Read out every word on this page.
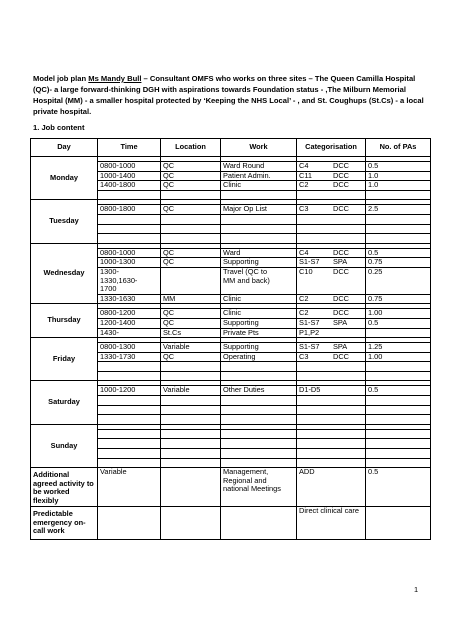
Model job plan Ms Mandy Bull – Consultant OMFS who works on three sites – The Queen Camilla Hospital (QC)- a large forward-thinking DGH with aspirations towards Foundation status - ,The Milburn Memorial Hospital (MM) - a smaller hospital protected by ‘Keeping the NHS Local’ - , and St. Coughups (St.Cs) - a local private hospital.
1. Job content
Day	Time	Location	Work	Categorisation	No. of PAs
Monday					
	0800-1000	QC	Ward Round	C4 DCC	0.5
	1000-1400	QC	Patient Admin.	C11 DCC	1.0
	1400-1800	QC	Clinic	C2 DCC	1.0

Tuesday					
	0800-1800	QC	Major Op List	C3 DCC	2.5

Wednesday					
	0800-1000	QC	Ward	C4 DCC	0.5
	1000-1300	QC	Supporting	S1-S7 SPA	0.75
	1300-
1330,1630-
1700		Travel (QC to
MM and back)	C10 DCC	0.25
	1330-1630	MM	Clinic	C2 DCC	0.75
Thursday					
	0800-1200	QC	Clinic	C2 DCC	1.00
	1200-1400	QC	Supporting	S1-S7 SPA	0.5
	1430-	St.Cs	Private Pts	P1,P2	

Friday					
	0800-1300	Variable	Supporting	S1-S7 SPA	1.25
	1330-1730	QC	Operating	C3 DCC	1.00

Saturday					
	1000-1200	Variable	Other Duties	D1-D5	0.5

Sunday					

Additional agreed activity to be worked flexibly	Variable		Management, Regional and national Meetings	ADD	0.5
Predictable emergency on-call work				Direct clinical care	
1
